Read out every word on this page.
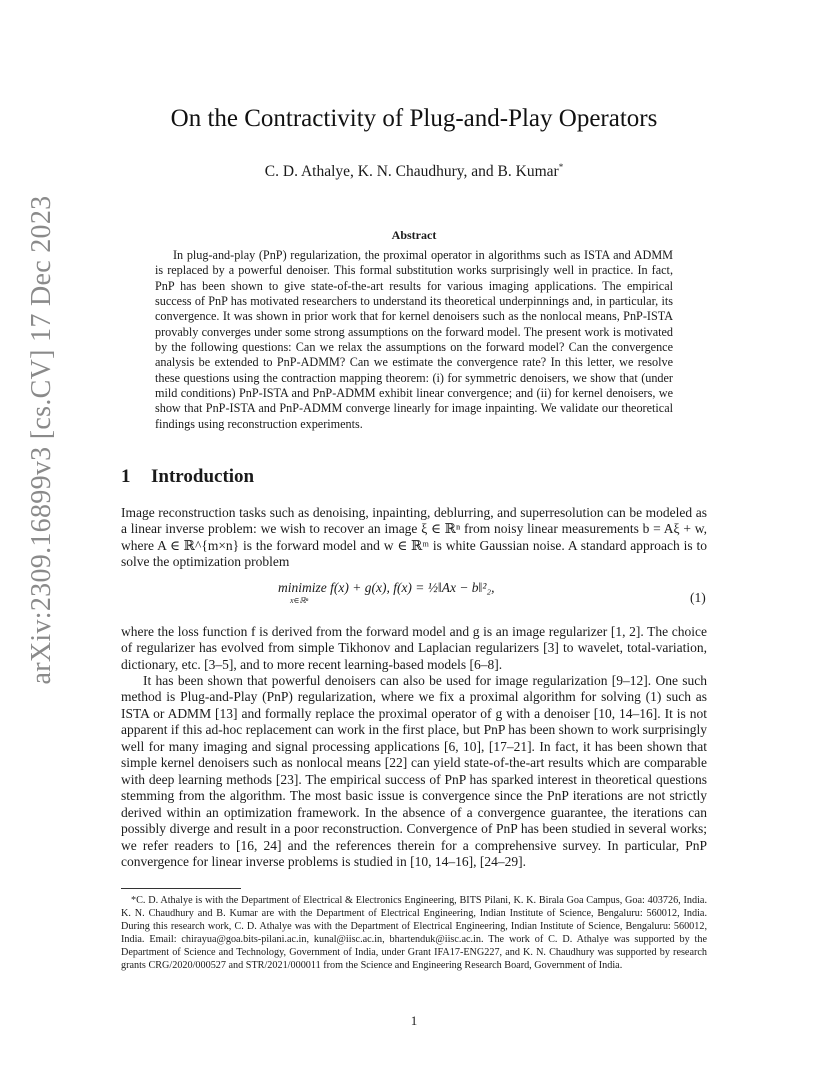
arXiv:2309.16899v3 [cs.CV] 17 Dec 2023
On the Contractivity of Plug-and-Play Operators
C. D. Athalye, K. N. Chaudhury, and B. Kumar*
Abstract
In plug-and-play (PnP) regularization, the proximal operator in algorithms such as ISTA and ADMM is replaced by a powerful denoiser. This formal substitution works surprisingly well in practice. In fact, PnP has been shown to give state-of-the-art results for various imaging applications. The empirical success of PnP has motivated researchers to understand its theoretical underpinnings and, in particular, its convergence. It was shown in prior work that for kernel denoisers such as the nonlocal means, PnP-ISTA provably converges under some strong assumptions on the forward model. The present work is motivated by the following questions: Can we relax the assumptions on the forward model? Can the convergence analysis be extended to PnP-ADMM? Can we estimate the convergence rate? In this letter, we resolve these questions using the contraction mapping theorem: (i) for symmetric denoisers, we show that (under mild conditions) PnP-ISTA and PnP-ADMM exhibit linear convergence; and (ii) for kernel denoisers, we show that PnP-ISTA and PnP-ADMM converge linearly for image inpainting. We validate our theoretical findings using reconstruction experiments.
1 Introduction
Image reconstruction tasks such as denoising, inpainting, deblurring, and superresolution can be modeled as a linear inverse problem: we wish to recover an image ξ ∈ ℝⁿ from noisy linear measurements b = Aξ + w, where A ∈ ℝ^{m×n} is the forward model and w ∈ ℝᵐ is white Gaussian noise. A standard approach is to solve the optimization problem
minimize f(x) + g(x), f(x) = ½‖Ax − b‖²₂,
x∈ℝⁿ	(1)
where the loss function f is derived from the forward model and g is an image regularizer [1, 2]. The choice of regularizer has evolved from simple Tikhonov and Laplacian regularizers [3] to wavelet, total-variation, dictionary, etc. [3–5], and to more recent learning-based models [6–8].
It has been shown that powerful denoisers can also be used for image regularization [9–12]. One such method is Plug-and-Play (PnP) regularization, where we fix a proximal algorithm for solving (1) such as ISTA or ADMM [13] and formally replace the proximal operator of g with a denoiser [10, 14–16]. It is not apparent if this ad-hoc replacement can work in the first place, but PnP has been shown to work surprisingly well for many imaging and signal processing applications [6, 10], [17–21]. In fact, it has been shown that simple kernel denoisers such as nonlocal means [22] can yield state-of-the-art results which are comparable with deep learning methods [23]. The empirical success of PnP has sparked interest in theoretical questions stemming from the algorithm. The most basic issue is convergence since the PnP iterations are not strictly derived within an optimization framework. In the absence of a convergence guarantee, the iterations can possibly diverge and result in a poor reconstruction. Convergence of PnP has been studied in several works; we refer readers to [16, 24] and the references therein for a comprehensive survey. In particular, PnP convergence for linear inverse problems is studied in [10, 14–16], [24–29].
*C. D. Athalye is with the Department of Electrical & Electronics Engineering, BITS Pilani, K. K. Birala Goa Campus, Goa: 403726, India. K. N. Chaudhury and B. Kumar are with the Department of Electrical Engineering, Indian Institute of Science, Bengaluru: 560012, India. During this research work, C. D. Athalye was with the Department of Electrical Engineering, Indian Institute of Science, Bengaluru: 560012, India. Email: chirayua@goa.bits-pilani.ac.in, kunal@iisc.ac.in, bhartenduk@iisc.ac.in. The work of C. D. Athalye was supported by the Department of Science and Technology, Government of India, under Grant IFA17-ENG227, and K. N. Chaudhury was supported by research grants CRG/2020/000527 and STR/2021/000011 from the Science and Engineering Research Board, Government of India.
1
